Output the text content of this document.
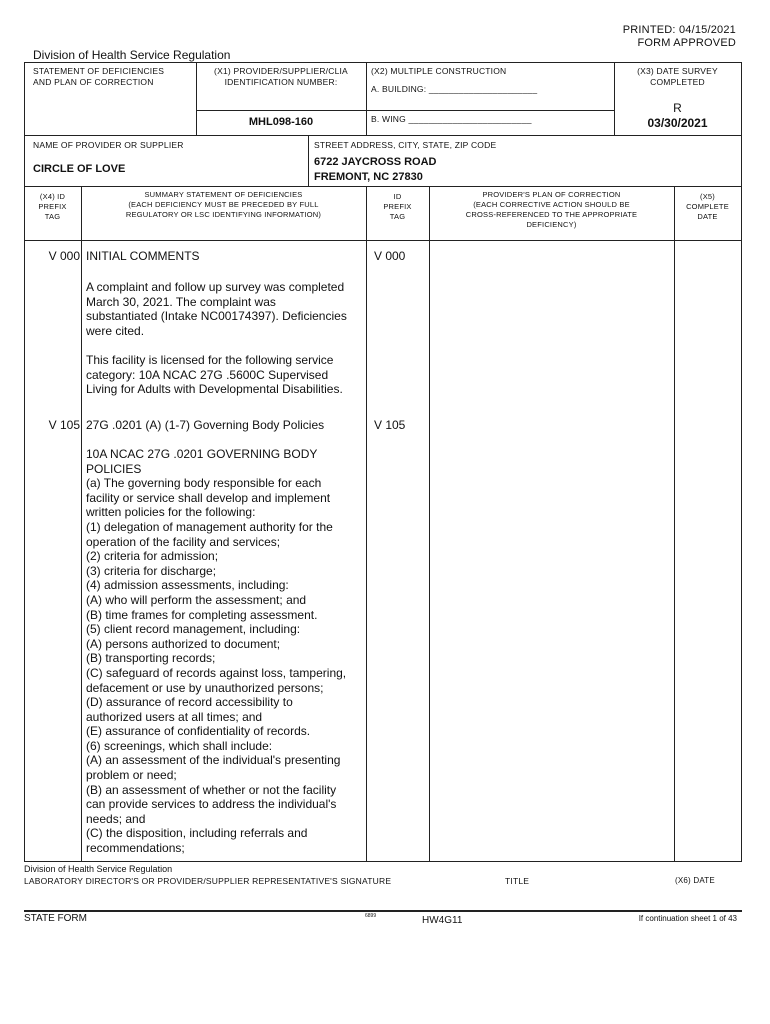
PRINTED: 04/15/2021
FORM APPROVED
Division of Health Service Regulation
STATEMENT OF DEFICIENCIES
AND PLAN OF CORRECTION
(X1) PROVIDER/SUPPLIER/CLIA
IDENTIFICATION NUMBER:
MHL098-160
(X2) MULTIPLE CONSTRUCTION
A. BUILDING: ______________________
B. WING _________________________
(X3) DATE SURVEY
COMPLETED
R
03/30/2021
NAME OF PROVIDER OR SUPPLIER
CIRCLE OF LOVE
STREET ADDRESS, CITY, STATE, ZIP CODE
6722 JAYCROSS ROAD
FREMONT, NC 27830
(X4) ID
PREFIX
TAG
SUMMARY STATEMENT OF DEFICIENCIES
(EACH DEFICIENCY MUST BE PRECEDED BY FULL
REGULATORY OR LSC IDENTIFYING INFORMATION)
ID
PREFIX
TAG
PROVIDER'S PLAN OF CORRECTION
(EACH CORRECTIVE ACTION SHOULD BE
CROSS-REFERENCED TO THE APPROPRIATE
DEFICIENCY)
(X5)
COMPLETE
DATE
V 000 INITIAL COMMENTS	V 000
A complaint and follow up survey was completed
March 30, 2021. The complaint was
substantiated (Intake NC00174397). Deficiencies
were cited.
This facility is licensed for the following service
category: 10A NCAC 27G .5600C Supervised
Living for Adults with Developmental Disabilities.
V 105 27G .0201 (A) (1-7) Governing Body Policies	V 105
10A NCAC 27G .0201 GOVERNING BODY
POLICIES
(a) The governing body responsible for each
facility or service shall develop and implement
written policies for the following:
(1) delegation of management authority for the
operation of the facility and services;
(2) criteria for admission;
(3) criteria for discharge;
(4) admission assessments, including:
(A) who will perform the assessment; and
(B) time frames for completing assessment.
(5) client record management, including:
(A) persons authorized to document;
(B) transporting records;
(C) safeguard of records against loss, tampering,
defacement or use by unauthorized persons;
(D) assurance of record accessibility to
authorized users at all times; and
(E) assurance of confidentiality of records.
(6) screenings, which shall include:
(A) an assessment of the individual's presenting
problem or need;
(B) an assessment of whether or not the facility
can provide services to address the individual's
needs; and
(C) the disposition, including referrals and
recommendations;
Division of Health Service Regulation
LABORATORY DIRECTOR'S OR PROVIDER/SUPPLIER REPRESENTATIVE'S SIGNATURE	TITLE	(X6) DATE
STATE FORM	6899	HW4G11	If continuation sheet 1 of 43
